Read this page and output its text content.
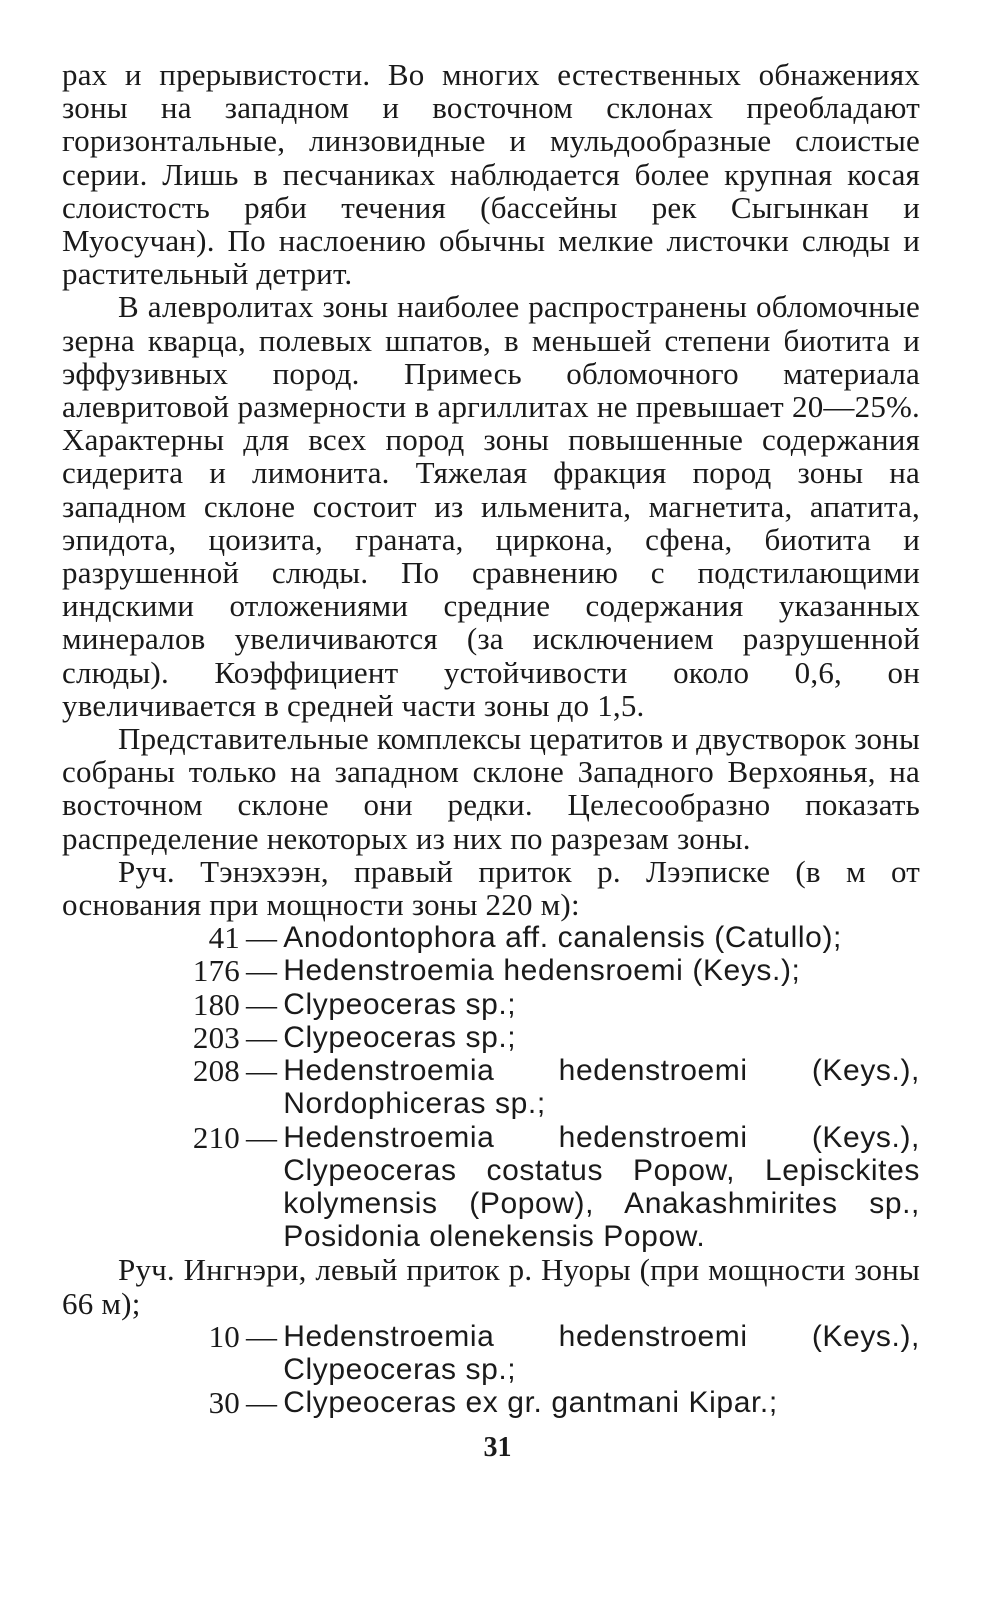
рах и прерывистости. Во многих естественных обнажениях зоны на западном и восточном склонах преобладают горизонтальные, линзовидные и мульдообразные слоистые серии. Лишь в песчаниках наблюдается более крупная косая слоистость ряби течения (бассейны рек Сыгынкан и Муосучан). По наслоению обычны мелкие листочки слюды и растительный детрит.

В алевролитах зоны наиболее распространены обломочные зерна кварца, полевых шпатов, в меньшей степени биотита и эффузивных пород. Примесь обломочного материала алевритовой размерности в аргиллитах не превышает 20—25%. Характерны для всех пород зоны повышенные содержания сидерита и лимонита. Тяжелая фракция пород зоны на западном склоне состоит из ильменита, магнетита, апатита, эпидота, цоизита, граната, циркона, сфена, биотита и разрушенной слюды. По сравнению с подстилающими индскими отложениями средние содержания указанных минералов увеличиваются (за исключением разрушенной слюды). Коэффициент устойчивости около 0,6, он увеличивается в средней части зоны до 1,5.

Представительные комплексы цератитов и двустворок зоны собраны только на западном склоне Западного Верхоянья, на восточном склоне они редки. Целесообразно показать распределение некоторых из них по разрезам зоны.

Руч. Тэнэхээн, правый приток р. Лээписке (в м от основания при мощности зоны 220 м):

41 — Anodontophora aff. canalensis (Catullo);
176 — Hedenstroemia hedensroemi (Keys.);
180 — Clypeoceras sp.;
203 — Clypeoceras sp.;
208 — Hedenstroemia hedenstroemi (Keys.), Nordophiceras sp.;
210 — Hedenstroemia hedenstroemi (Keys.), Clypeoceras costatus Popow, Lepisckites kolymensis (Popow), Anakashmirites sp., Posidonia olenekensis Popow.

Руч. Ингнэри, левый приток р. Нуоры (при мощности зоны 66 м);

10 — Hedenstroemia hedenstroemi (Keys.), Clypeoceras sp.;
30 — Clypeoceras ex gr. gantmani Kipar.;
31
